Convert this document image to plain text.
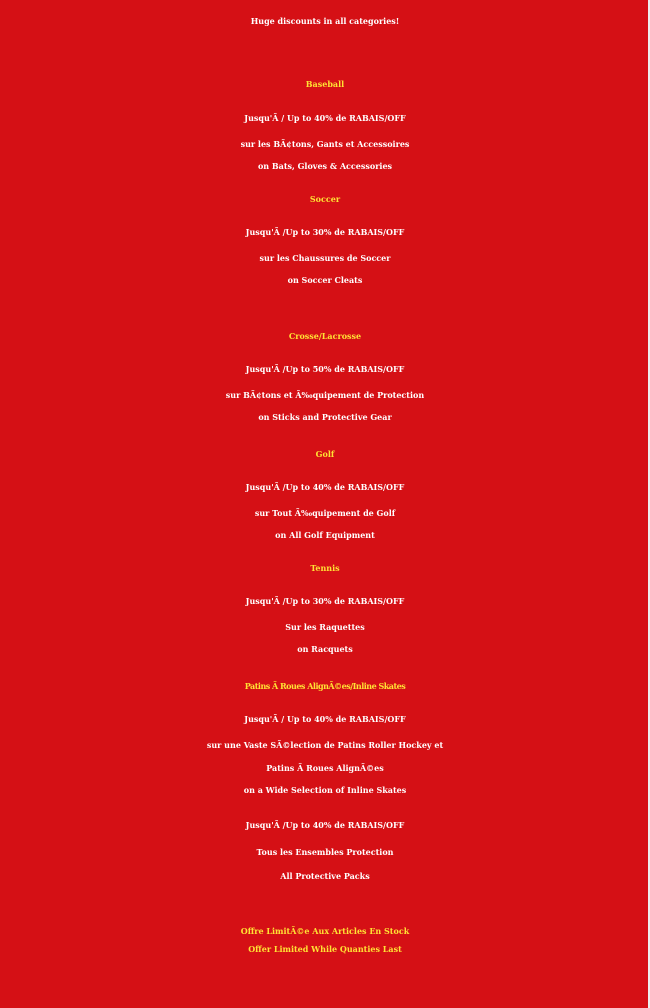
Huge discounts in all categories!

Baseball

Jusqu'Ã / Up to 40% de RABAIS/OFF

sur les BÃ¢tons, Gants et Accessoires

on Bats, Gloves & Accessories

Soccer

Jusqu'Ã /Up to 30% de RABAIS/OFF

sur les Chaussures de Soccer

on Soccer Cleats

Crosse/Lacrosse

Jusqu'Ã /Up to 50% de RABAIS/OFF

sur BÃ¢tons et Ã‰quipement de Protection

on Sticks and Protective Gear

Golf

Jusqu'Ã /Up to 40% de RABAIS/OFF

sur Tout Ã‰quipement de Golf

on All Golf Equipment

Tennis

Jusqu'Ã /Up to 30% de RABAIS/OFF

Sur les Raquettes

on Racquets

Patins Ã Roues AlignÃ©es/Inline Skates

Jusqu'Ã / Up to 40% de RABAIS/OFF

sur une Vaste SÃ©lection de Patins Roller Hockey et

Patins Ã Roues AlignÃ©es

on a Wide Selection of Inline Skates

Jusqu'Ã /Up to 40% de RABAIS/OFF

Tous les Ensembles Protection

All Protective Packs

Offre LimitÃ©e Aux Articles En Stock

Offer Limited While Quanties Last
